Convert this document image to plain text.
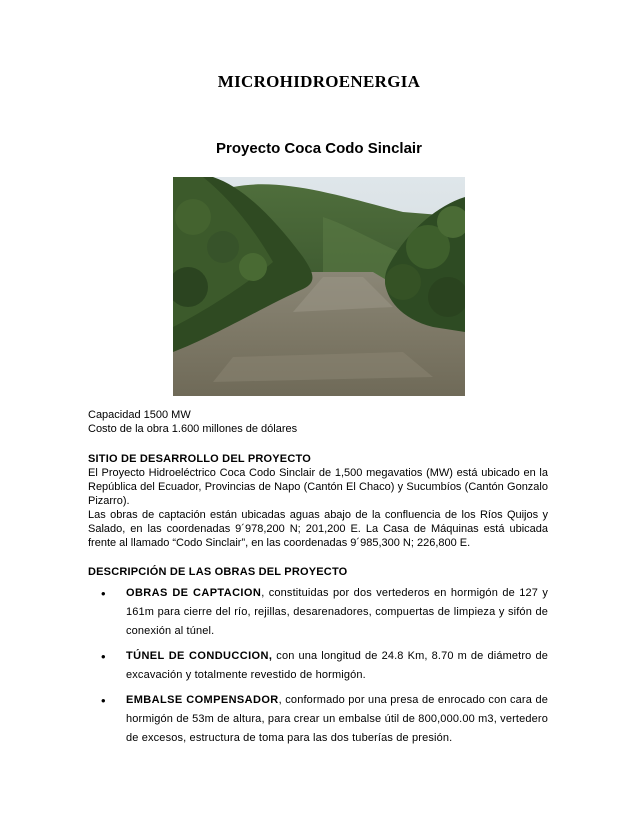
MICROHIDROENERGIA
Proyecto Coca Codo Sinclair
Capacidad 1500 MW
Costo de la obra 1.600 millones de dólares
SITIO DE DESARROLLO DEL PROYECTO
El Proyecto Hidroeléctrico Coca Codo Sinclair de 1,500 megavatios (MW) está ubicado en la República del Ecuador, Provincias de Napo (Cantón El Chaco) y Sucumbíos (Cantón Gonzalo Pizarro).
Las obras de captación están ubicadas aguas abajo de la confluencia de los Ríos Quijos y Salado, en las coordenadas 9´978,200 N; 201,200 E. La Casa de Máquinas está ubicada frente al llamado “Codo Sinclair”, en las coordenadas 9´985,300 N; 226,800 E.
DESCRIPCIÓN DE LAS OBRAS DEL PROYECTO
• OBRAS DE CAPTACION, constituidas por dos vertederos en hormigón de 127 y 161m para cierre del río, rejillas, desarenadores, compuertas de limpieza y sifón de conexión al túnel.
• TÚNEL DE CONDUCCION, con una longitud de 24.8 Km, 8.70 m de diámetro de excavación y totalmente revestido de hormigón.
• EMBALSE COMPENSADOR, conformado por una presa de enrocado con cara de hormigón de 53m de altura, para crear un embalse útil de 800,000.00 m3, vertedero de excesos, estructura de toma para las dos tuberías de presión.
